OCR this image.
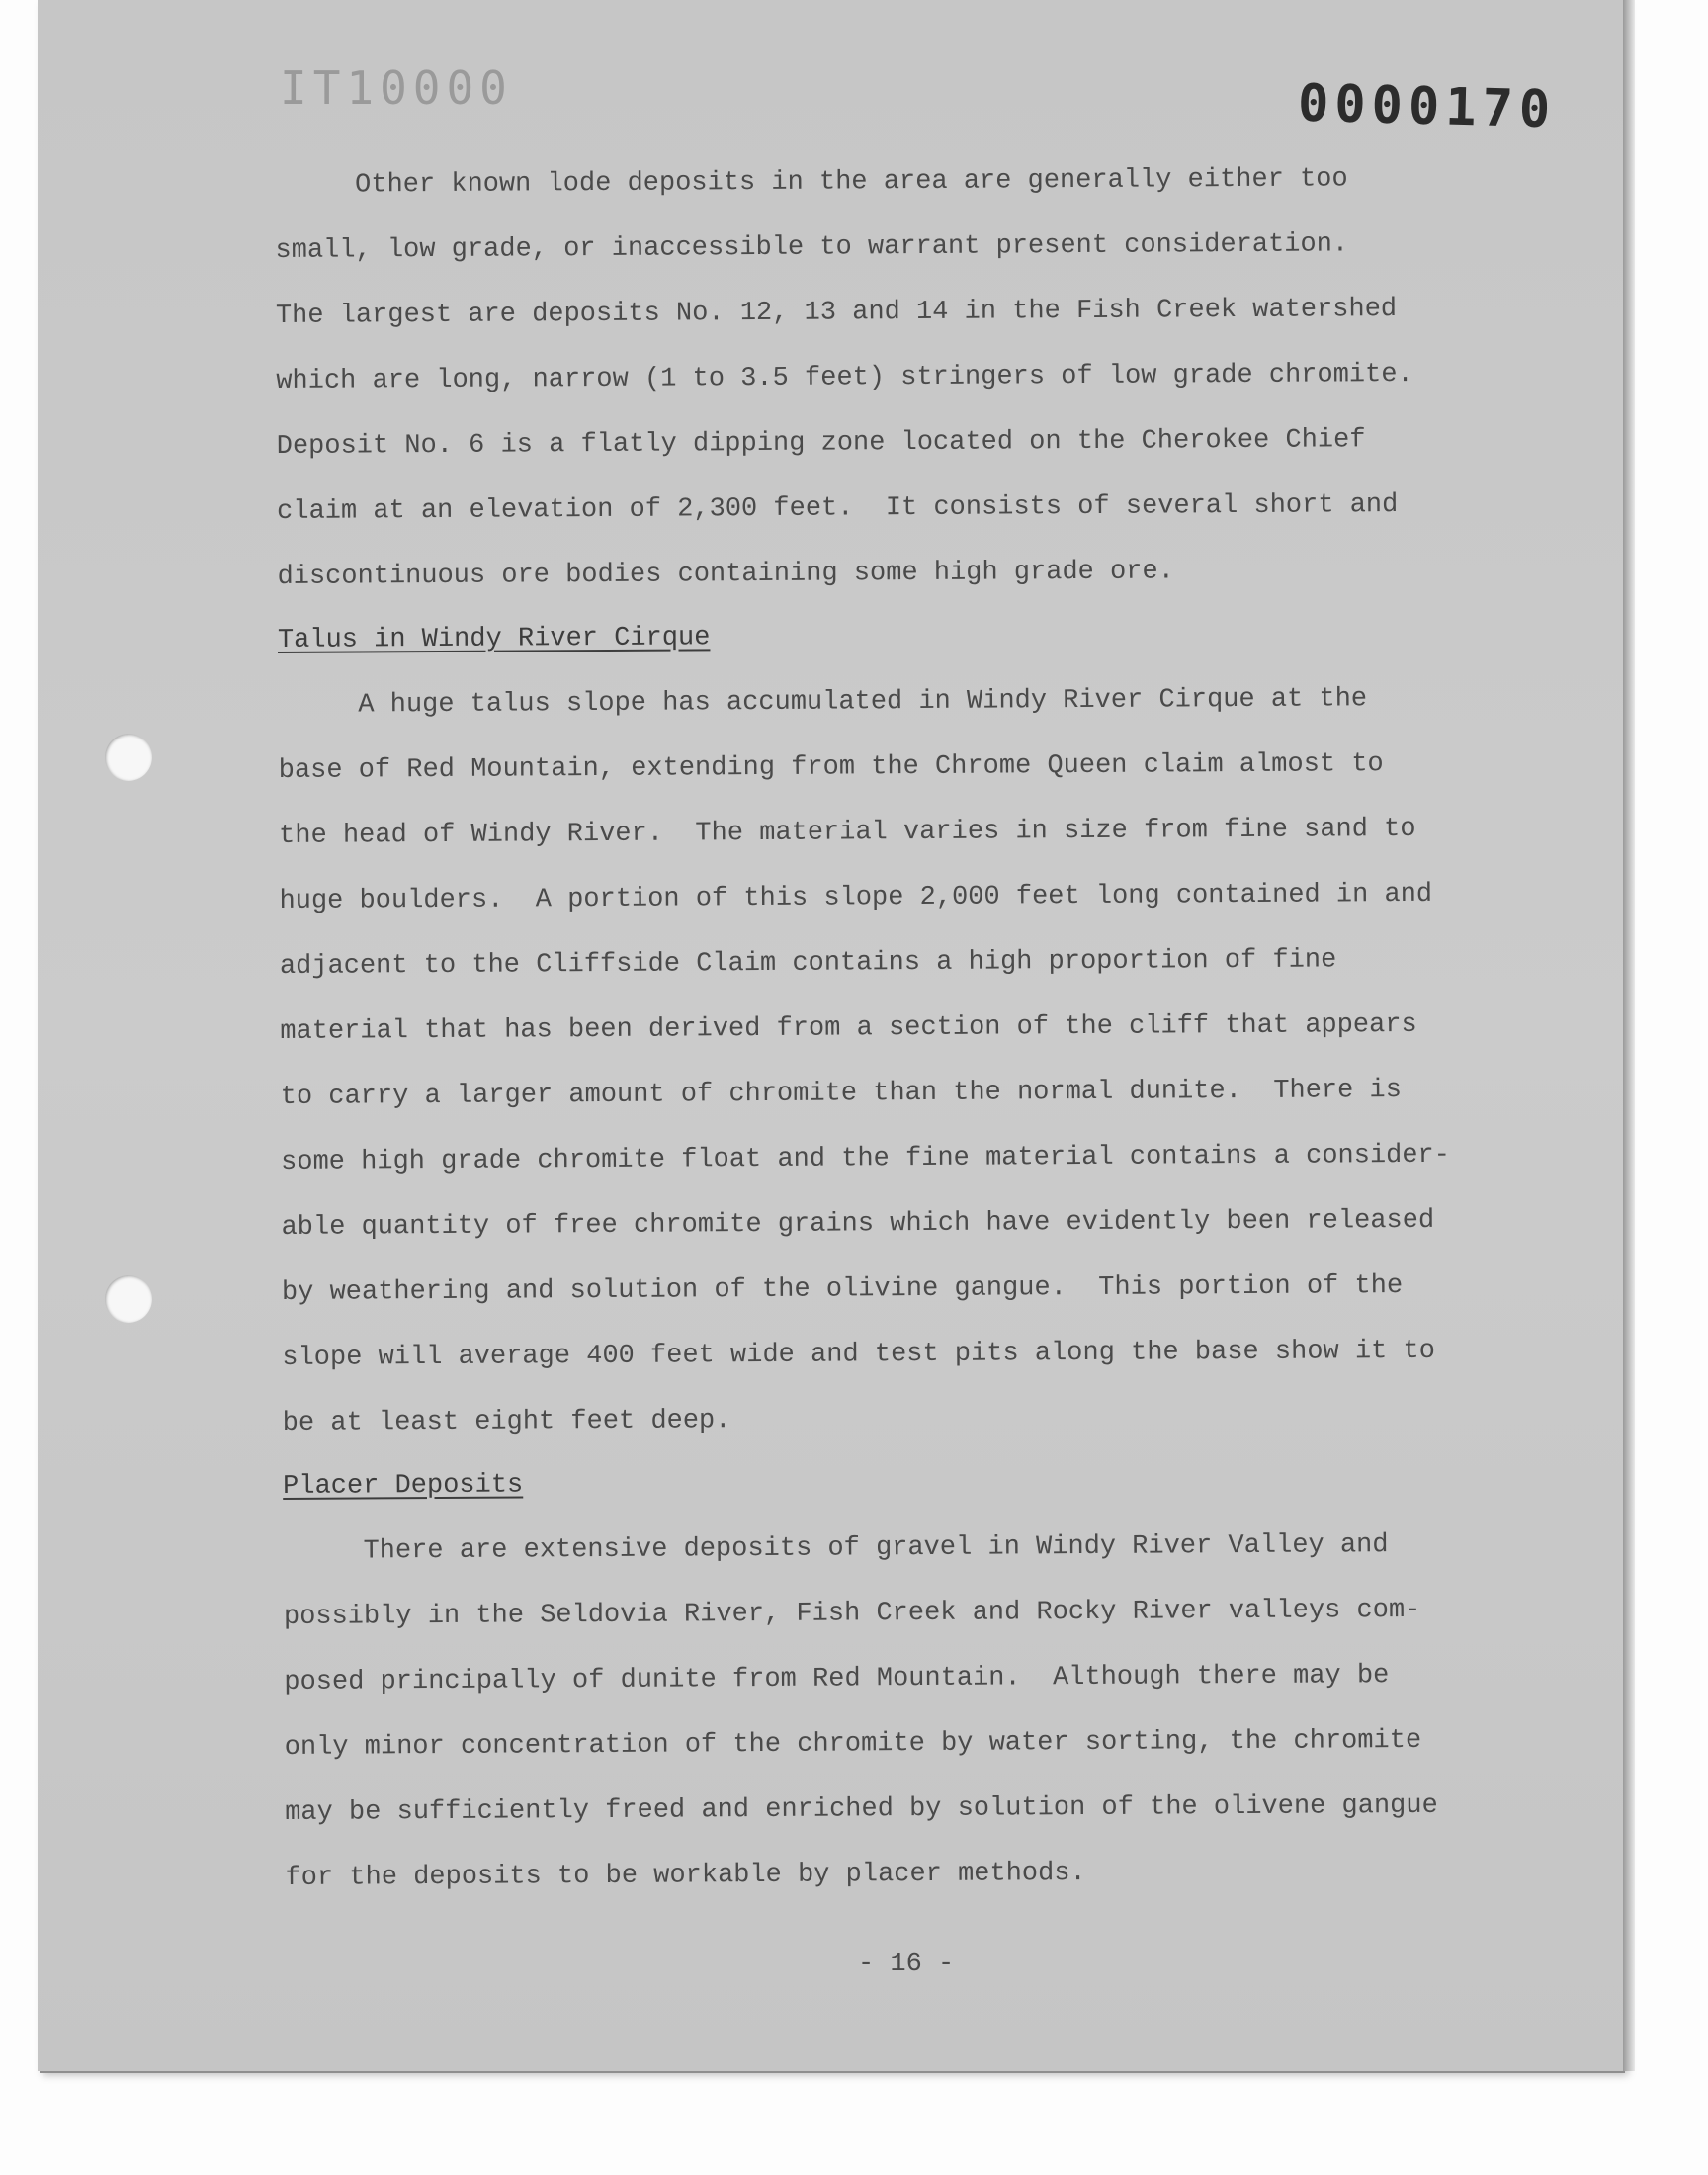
IT10000	0000170
Other known lode deposits in the area are generally either too
small, low grade, or inaccessible to warrant present consideration.
The largest are deposits No. 12, 13 and 14 in the Fish Creek watershed
which are long, narrow (1 to 3.5 feet) stringers of low grade chromite.
Deposit No. 6 is a flatly dipping zone located on the Cherokee Chief
claim at an elevation of 2,300 feet.  It consists of several short and
discontinuous ore bodies containing some high grade ore.
Talus in Windy River Cirque
A huge talus slope has accumulated in Windy River Cirque at the
base of Red Mountain, extending from the Chrome Queen claim almost to
the head of Windy River.  The material varies in size from fine sand to
huge boulders.  A portion of this slope 2,000 feet long contained in and
adjacent to the Cliffside Claim contains a high proportion of fine
material that has been derived from a section of the cliff that appears
to carry a larger amount of chromite than the normal dunite.  There is
some high grade chromite float and the fine material contains a consider-
able quantity of free chromite grains which have evidently been released
by weathering and solution of the olivine gangue.  This portion of the
slope will average 400 feet wide and test pits along the base show it to
be at least eight feet deep.
Placer Deposits
There are extensive deposits of gravel in Windy River Valley and
possibly in the Seldovia River, Fish Creek and Rocky River valleys com-
posed principally of dunite from Red Mountain.  Although there may be
only minor concentration of the chromite by water sorting, the chromite
may be sufficiently freed and enriched by solution of the olivene gangue
for the deposits to be workable by placer methods.
- 16 -
